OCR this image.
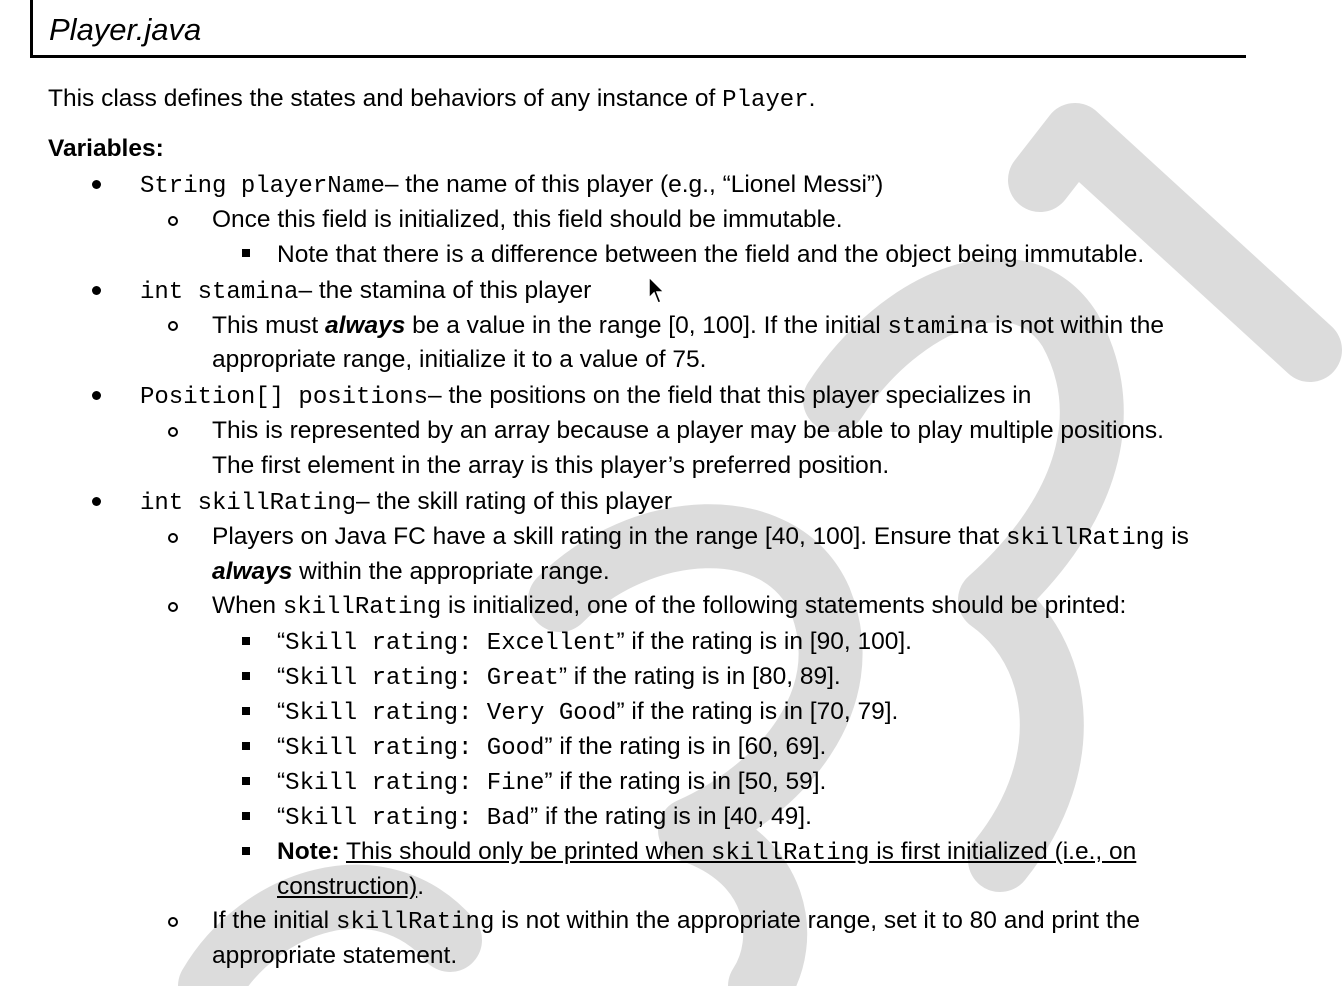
Player.java
This class defines the states and behaviors of any instance of Player.
Variables:
String playerName– the name of this player (e.g., “Lionel Messi”)
Once this field is initialized, this field should be immutable.
Note that there is a difference between the field and the object being immutable.
int stamina– the stamina of this player
This must always be a value in the range [0, 100]. If the initial stamina is not within the
appropriate range, initialize it to a value of 75.
Position[] positions– the positions on the field that this player specializes in
This is represented by an array because a player may be able to play multiple positions.
The first element in the array is this player’s preferred position.
int skillRating– the skill rating of this player
Players on Java FC have a skill rating in the range [40, 100]. Ensure that skillRating is
always within the appropriate range.
When skillRating is initialized, one of the following statements should be printed:
“Skill rating: Excellent” if the rating is in [90, 100].
“Skill rating: Great” if the rating is in [80, 89].
“Skill rating: Very Good” if the rating is in [70, 79].
“Skill rating: Good” if the rating is in [60, 69].
“Skill rating: Fine” if the rating is in [50, 59].
“Skill rating: Bad” if the rating is in [40, 49].
Note: This should only be printed when skillRating is first initialized (i.e., on
construction).
If the initial skillRating is not within the appropriate range, set it to 80 and print the
appropriate statement.
